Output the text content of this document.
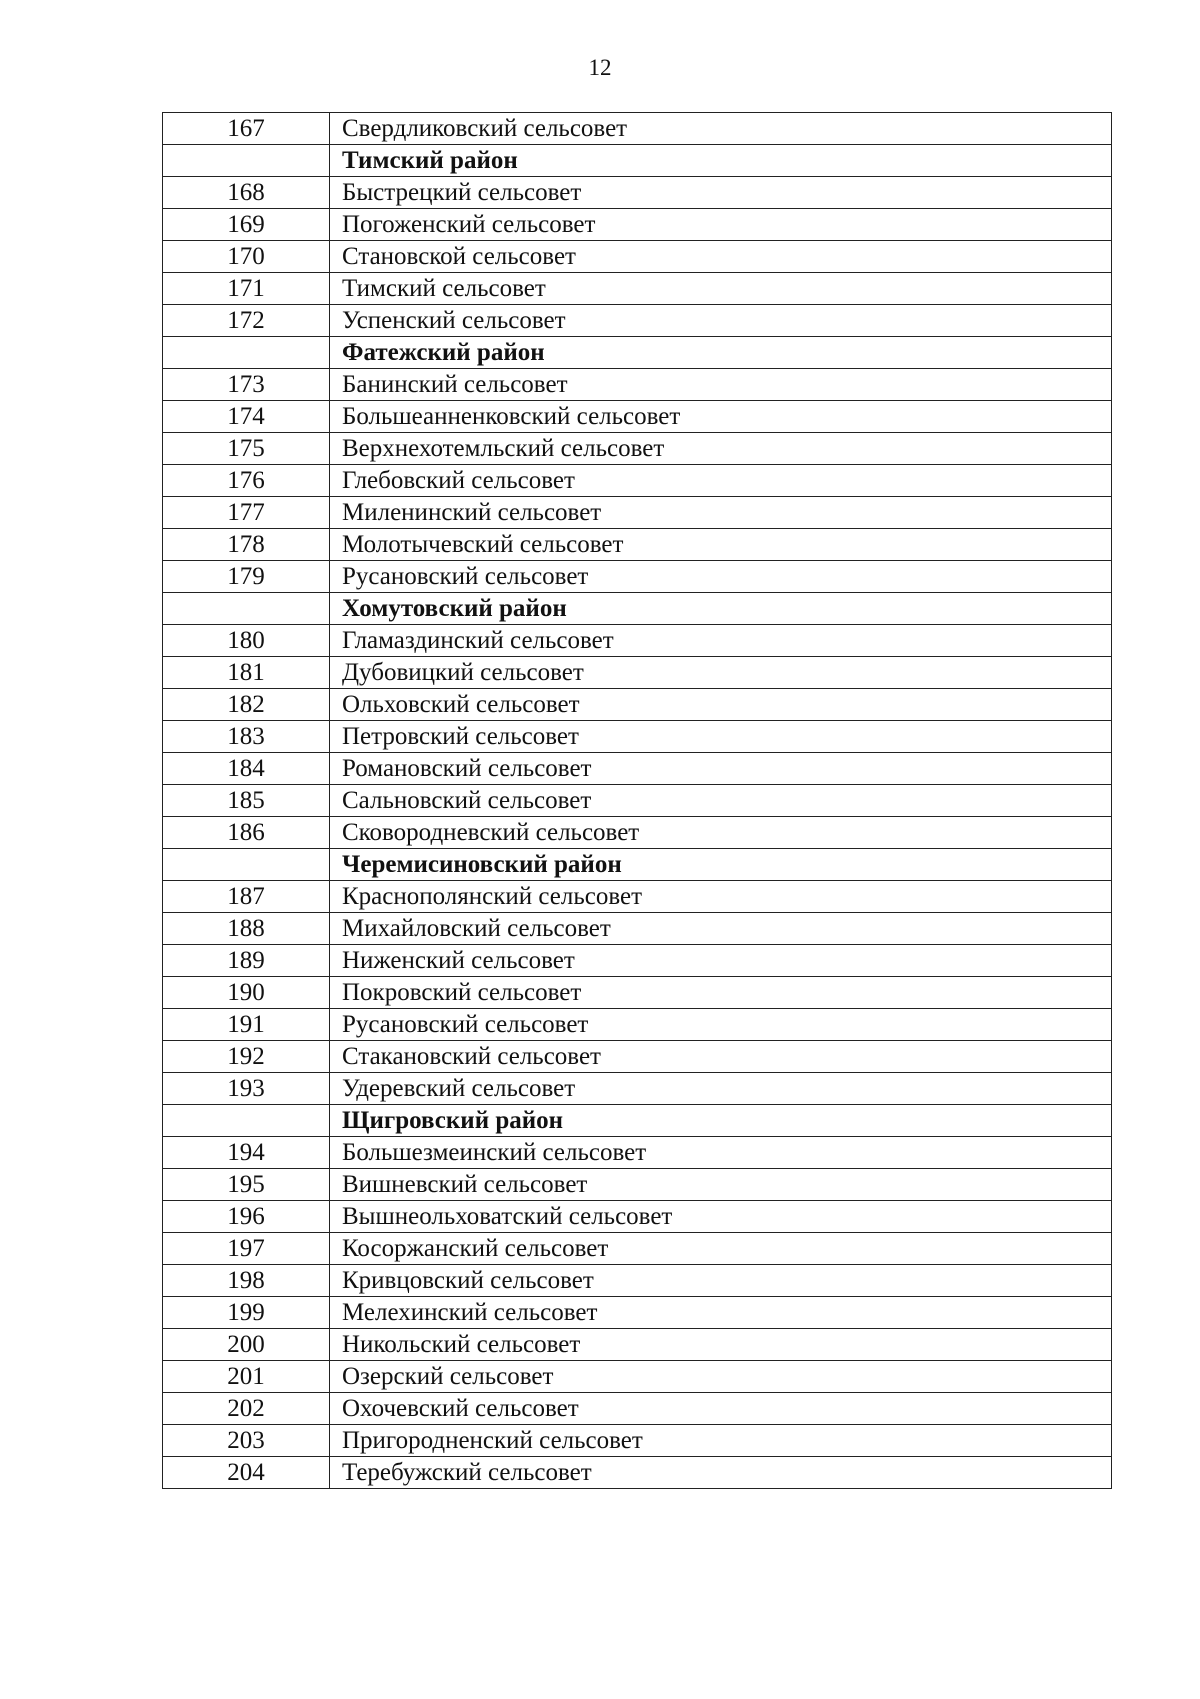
12
167	Свердликовский сельсовет
	Тимский район
168	Быстрецкий сельсовет
169	Погоженский сельсовет
170	Становской сельсовет
171	Тимский сельсовет
172	Успенский сельсовет
	Фатежский район
173	Банинский сельсовет
174	Большеанненковский сельсовет
175	Верхнехотемльский сельсовет
176	Глебовский сельсовет
177	Миленинский сельсовет
178	Молотычевский сельсовет
179	Русановский сельсовет
	Хомутовский район
180	Гламаздинский сельсовет
181	Дубовицкий сельсовет
182	Ольховский сельсовет
183	Петровский сельсовет
184	Романовский сельсовет
185	Сальновский сельсовет
186	Сковородневский сельсовет
	Черемисиновский район
187	Краснополянский сельсовет
188	Михайловский сельсовет
189	Ниженский сельсовет
190	Покровский сельсовет
191	Русановский сельсовет
192	Стакановский сельсовет
193	Удеревский сельсовет
	Щигровский район
194	Большезмеинский сельсовет
195	Вишневский сельсовет
196	Вышнеольховатский сельсовет
197	Косоржанский сельсовет
198	Кривцовский сельсовет
199	Мелехинский сельсовет
200	Никольский сельсовет
201	Озерский сельсовет
202	Охочевский сельсовет
203	Пригородненский сельсовет
204	Теребужский сельсовет
